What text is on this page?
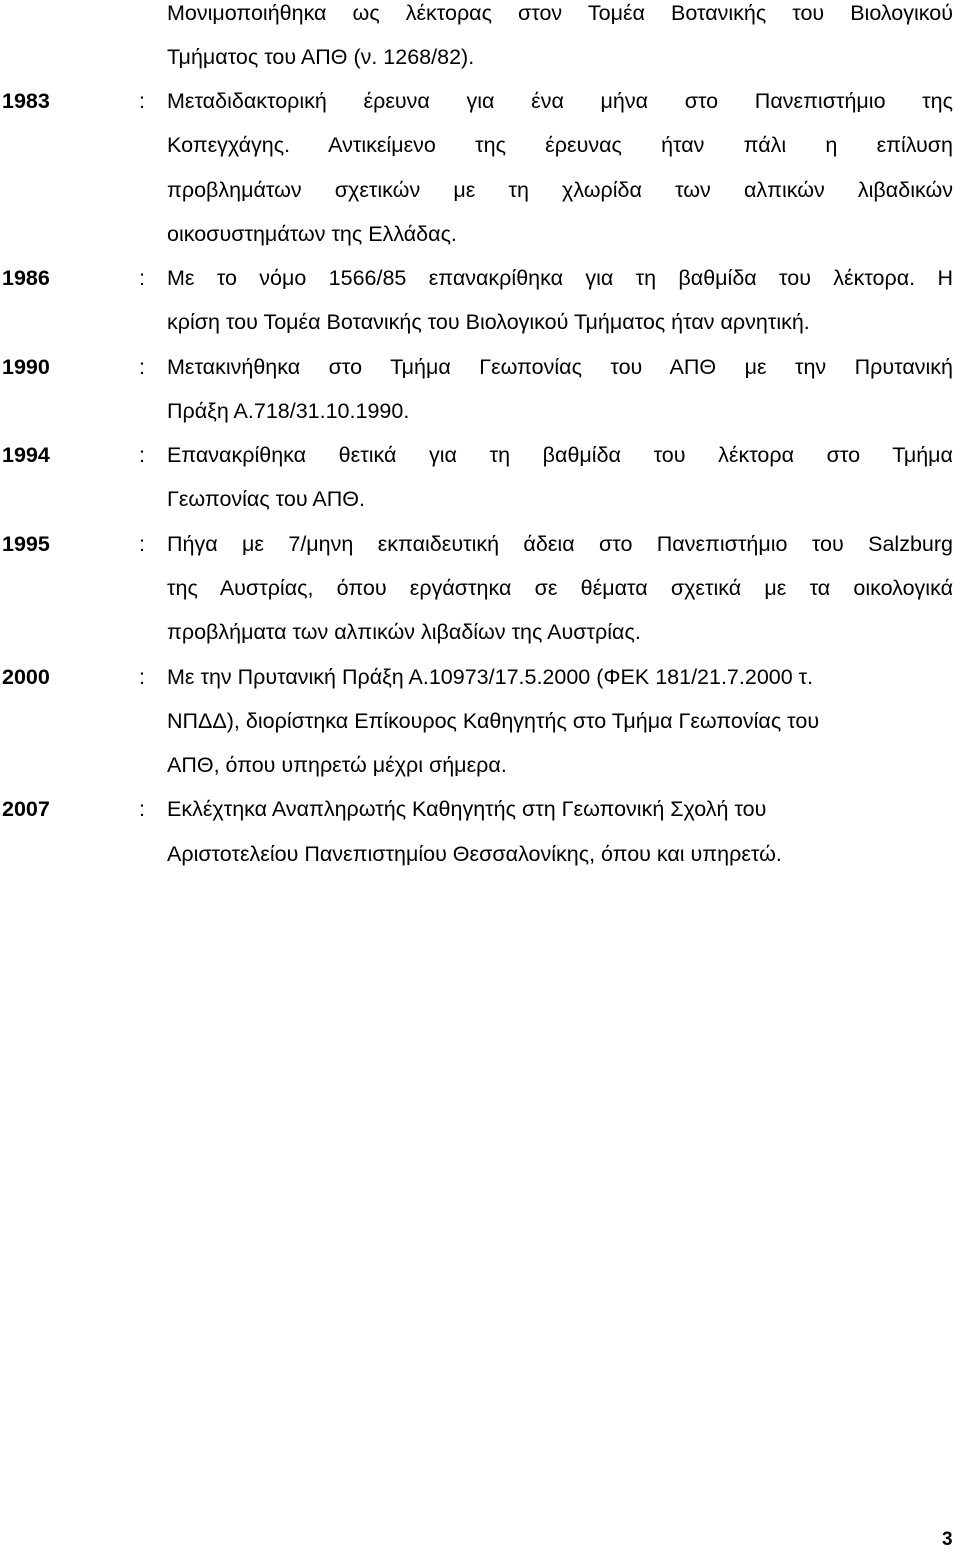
Μονιμοποιήθηκα ως λέκτορας στον Τομέα Βοτανικής του Βιολογικού
Τμήματος του ΑΠΘ (ν. 1268/82).
1983	: Μεταδιδακτορική έρευνα για ένα μήνα στο Πανεπιστήμιο της
Κοπεγχάγης. Αντικείμενο της έρευνας ήταν πάλι η επίλυση
προβλημάτων σχετικών με τη χλωρίδα των αλπικών λιβαδικών
οικοσυστημάτων της Ελλάδας.
1986	: Με το νόμο 1566/85 επανακρίθηκα για τη βαθμίδα του λέκτορα. Η
κρίση του Τομέα Βοτανικής του Βιολογικού Τμήματος ήταν αρνητική.
1990	: Μετακινήθηκα στο Τμήμα Γεωπονίας του ΑΠΘ με την Πρυτανική
Πράξη Α.718/31.10.1990.
1994	: Επανακρίθηκα θετικά για τη βαθμίδα του λέκτορα στο Τμήμα
Γεωπονίας του ΑΠΘ.
1995	: Πήγα με 7/μηνη εκπαιδευτική άδεια στο Πανεπιστήμιο του Salzburg
της Αυστρίας, όπου εργάστηκα σε θέματα σχετικά με τα οικολογικά
προβλήματα των αλπικών λιβαδίων της Αυστρίας.
2000	: Με την Πρυτανική Πράξη Α.10973/17.5.2000 (ΦΕΚ 181/21.7.2000 τ.
ΝΠΔΔ), διορίστηκα Επίκουρος Καθηγητής στο Τμήμα Γεωπονίας του
ΑΠΘ, όπου υπηρετώ μέχρι σήμερα.
2007	: Εκλέχτηκα Αναπληρωτής Καθηγητής στη Γεωπονική Σχολή του
Αριστοτελείου Πανεπιστημίου Θεσσαλονίκης, όπου και υπηρετώ.
3
